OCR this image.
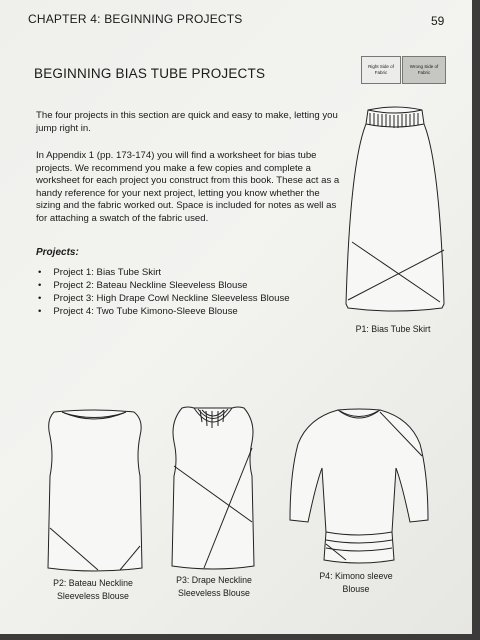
CHAPTER 4: BEGINNING PROJECTS	59
BEGINNING BIAS TUBE PROJECTS	Right Side of Fabric
Wrong Side of Fabric
The four projects in this section are quick and easy to make, letting you jump right in.
In Appendix 1 (pp. 173-174) you will find a worksheet for bias tube projects. We recommend you make a few copies and complete a worksheet for each project you construct from this book. These act as a handy reference for your next project, letting you know whether the sizing and the fabric worked out. Space is included for notes as well as for attaching a swatch of the fabric used.
Projects:
• Project 1: Bias Tube Skirt
• Project 2: Bateau Neckline Sleeveless Blouse
• Project 3: High Drape Cowl Neckline Sleeveless Blouse
• Project 4: Two Tube Kimono-Sleeve Blouse
P1: Bias Tube Skirt
P2: Bateau Neckline
Sleeveless Blouse
P3: Drape Neckline
Sleeveless Blouse
P4: Kimono sleeve
Blouse
